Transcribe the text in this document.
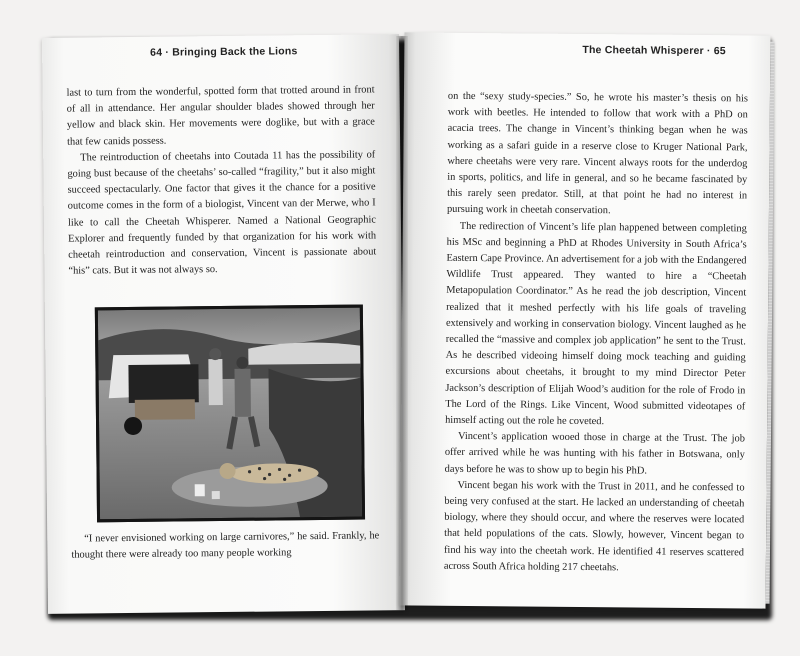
64 · Bringing Back the Lions

last to turn from the wonderful, spotted form that trotted around in front of all in attendance. Her angular shoulder blades showed through her yellow and black skin. Her movements were doglike, but with a grace that few canids possess.

The reintroduction of cheetahs into Coutada 11 has the possibility of going bust because of the cheetahs’ so-called “fragility,” but it also might succeed spectacularly. One factor that gives it the chance for a positive outcome comes in the form of a biologist, Vincent van der Merwe, who I like to call the Cheetah Whisperer. Named a National Geographic Explorer and frequently funded by that organization for his work with cheetah reintroduction and conservation, Vincent is passionate about “his” cats. But it was not always so.

“I never envisioned working on large carnivores,” he said. Frankly, he thought there were already too many people working

The Cheetah Whisperer · 65

on the “sexy study-species.” So, he wrote his master’s thesis on his work with beetles. He intended to follow that work with a PhD on acacia trees. The change in Vincent’s thinking began when he was working as a safari guide in a reserve close to Kruger National Park, where cheetahs were very rare. Vincent always roots for the underdog in sports, politics, and life in general, and so he became fascinated by this rarely seen predator. Still, at that point he had no interest in pursuing work in cheetah conservation.

The redirection of Vincent’s life plan happened between completing his MSc and beginning a PhD at Rhodes University in South Africa’s Eastern Cape Province. An advertisement for a job with the Endangered Wildlife Trust appeared. They wanted to hire a “Cheetah Metapopulation Coordinator.” As he read the job description, Vincent realized that it meshed perfectly with his life goals of traveling extensively and working in conservation biology. Vincent laughed as he recalled the “massive and complex job application” he sent to the Trust. As he described videoing himself doing mock teaching and guiding excursions about cheetahs, it brought to my mind Director Peter Jackson’s description of Elijah Wood’s audition for the role of Frodo in The Lord of the Rings. Like Vincent, Wood submitted videotapes of himself acting out the role he coveted.

Vincent’s application wooed those in charge at the Trust. The job offer arrived while he was hunting with his father in Botswana, only days before he was to show up to begin his PhD.

Vincent began his work with the Trust in 2011, and he confessed to being very confused at the start. He lacked an understanding of cheetah biology, where they should occur, and where the reserves were located that held populations of the cats. Slowly, however, Vincent began to find his way into the cheetah work. He identified 41 reserves scattered across South Africa holding 217 cheetahs.
